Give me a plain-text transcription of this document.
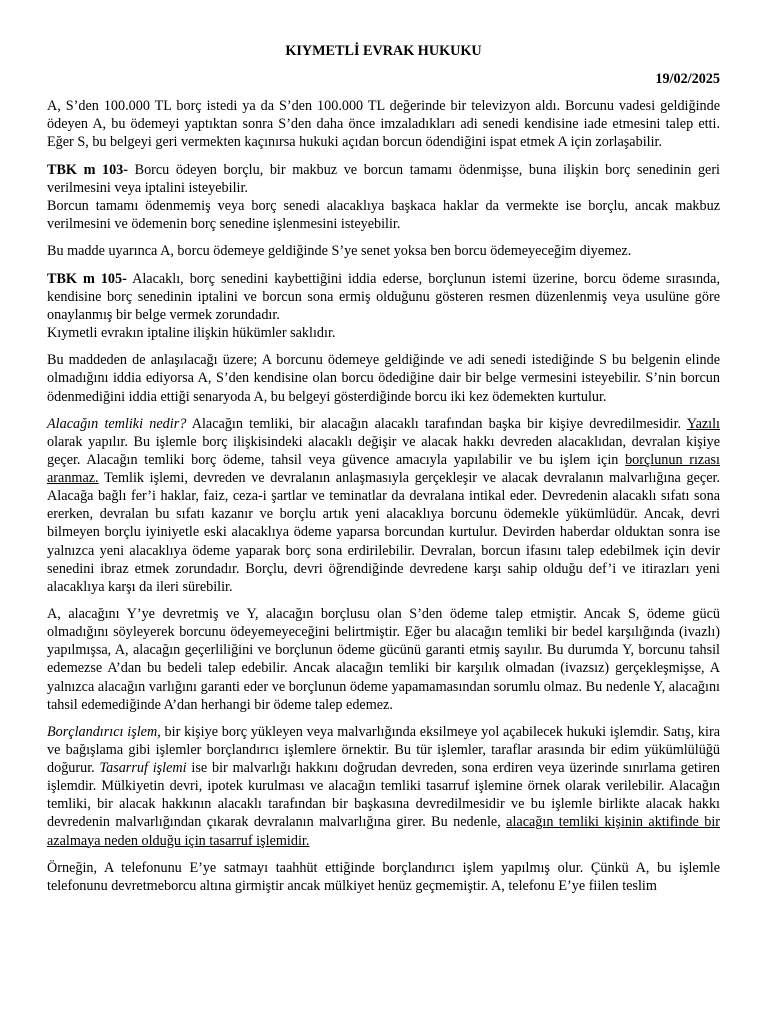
KIYMETLİ EVRAK HUKUKU
19/02/2025

A, S’den 100.000 TL borç istedi ya da S’den 100.000 TL değerinde bir televizyon aldı. Borcunu vadesi geldiğinde ödeyen A, bu ödemeyi yaptıktan sonra S’den daha önce imzaladıkları adi senedi kendisine iade etmesini talep etti. Eğer S, bu belgeyi geri vermekten kaçınırsa hukuki açıdan borcun ödendiğini ispat etmek A için zorlaşabilir.

TBK m 103- Borcu ödeyen borçlu, bir makbuz ve borcun tamamı ödenmişse, buna ilişkin borç senedinin geri verilmesini veya iptalini isteyebilir.
Borcun tamamı ödenmemiş veya borç senedi alacaklıya başkaca haklar da vermekte ise borçlu, ancak makbuz verilmesini ve ödemenin borç senedine işlenmesini isteyebilir.

Bu madde uyarınca A, borcu ödemeye geldiğinde S’ye senet yoksa ben borcu ödemeyeceğim diyemez.

TBK m 105- Alacaklı, borç senedini kaybettiğini iddia ederse, borçlunun istemi üzerine, borcu ödeme sırasında, kendisine borç senedinin iptalini ve borcun sona ermiş olduğunu gösteren resmen düzenlenmiş veya usulüne göre onaylanmış bir belge vermek zorundadır.
Kıymetli evrakın iptaline ilişkin hükümler saklıdır.

Bu maddeden de anlaşılacağı üzere; A borcunu ödemeye geldiğinde ve adi senedi istediğinde S bu belgenin elinde olmadığını iddia ediyorsa A, S’den kendisine olan borcu ödediğine dair bir belge vermesini isteyebilir. S’nin borcun ödenmediğini iddia ettiği senaryoda A, bu belgeyi gösterdiğinde borcu iki kez ödemekten kurtulur.

Alacağın temliki nedir? Alacağın temliki, bir alacağın alacaklı tarafından başka bir kişiye devredilmesidir. Yazılı olarak yapılır. Bu işlemle borç ilişkisindeki alacaklı değişir ve alacak hakkı devreden alacaklıdan, devralan kişiye geçer. Alacağın temliki borç ödeme, tahsil veya güvence amacıyla yapılabilir ve bu işlem için borçlunun rızası aranmaz. Temlik işlemi, devreden ve devralanın anlaşmasıyla gerçekleşir ve alacak devralanın malvarlığına geçer. Alacağa bağlı fer’i haklar, faiz, ceza-i şartlar ve teminatlar da devralana intikal eder. Devredenin alacaklı sıfatı sona ererken, devralan bu sıfatı kazanır ve borçlu artık yeni alacaklıya borcunu ödemekle yükümlüdür. Ancak, devri bilmeyen borçlu iyiniyetle eski alacaklıya ödeme yaparsa borcundan kurtulur. Devirden haberdar olduktan sonra ise yalnızca yeni alacaklıya ödeme yaparak borç sona erdirilebilir. Devralan, borcun ifasını talep edebilmek için devir senedini ibraz etmek zorundadır. Borçlu, devri öğrendiğinde devredene karşı sahip olduğu def’i ve itirazları yeni alacaklıya karşı da ileri sürebilir.

A, alacağını Y’ye devretmiş ve Y, alacağın borçlusu olan S’den ödeme talep etmiştir. Ancak S, ödeme gücü olmadığını söyleyerek borcunu ödeyemeyeceğini belirtmiştir. Eğer bu alacağın temliki bir bedel karşılığında (ivazlı) yapılmışsa, A, alacağın geçerliliğini ve borçlunun ödeme gücünü garanti etmiş sayılır. Bu durumda Y, borcunu tahsil edemezse A’dan bu bedeli talep edebilir. Ancak alacağın temliki bir karşılık olmadan (ivazsız) gerçekleşmişse, A yalnızca alacağın varlığını garanti eder ve borçlunun ödeme yapamamasından sorumlu olmaz. Bu nedenle Y, alacağını tahsil edemediğinde A’dan herhangi bir ödeme talep edemez.

Borçlandırıcı işlem, bir kişiye borç yükleyen veya malvarlığında eksilmeye yol açabilecek hukuki işlemdir. Satış, kira ve bağışlama gibi işlemler borçlandırıcı işlemlere örnektir. Bu tür işlemler, taraflar arasında bir edim yükümlülüğü doğurur. Tasarruf işlemi ise bir malvarlığı hakkını doğrudan devreden, sona erdiren veya üzerinde sınırlama getiren işlemdir. Mülkiyetin devri, ipotek kurulması ve alacağın temliki tasarruf işlemine örnek olarak verilebilir. Alacağın temliki, bir alacak hakkının alacaklı tarafından bir başkasına devredilmesidir ve bu işlemle birlikte alacak hakkı devredenin malvarlığından çıkarak devralanın malvarlığına girer. Bu nedenle, alacağın temliki kişinin aktifinde bir azalmaya neden olduğu için tasarruf işlemidir.

Örneğin, A telefonunu E’ye satmayı taahhüt ettiğinde borçlandırıcı işlem yapılmış olur. Çünkü A, bu işlemle telefonunu devretmeborcu altına girmiştir ancak mülkiyet henüz geçmemiştir. A, telefonu E’ye fiilen teslim
